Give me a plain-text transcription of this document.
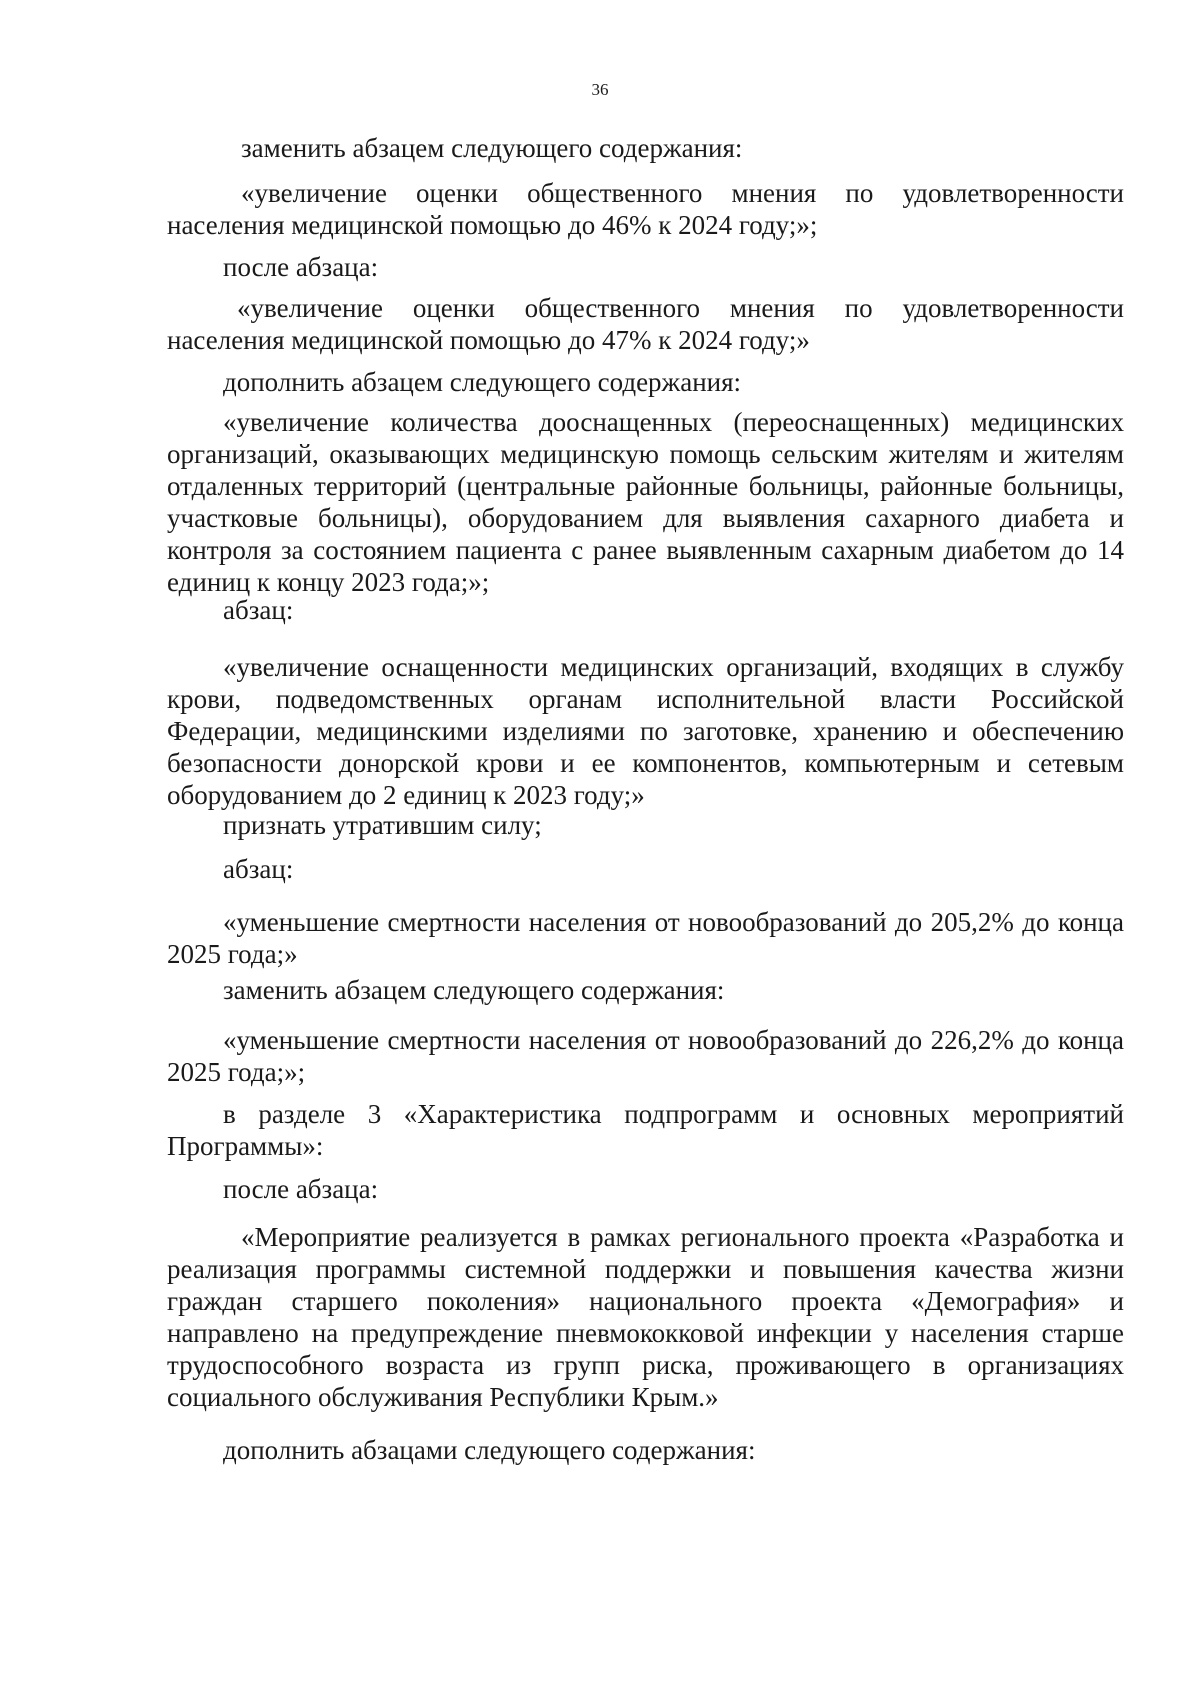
36

заменить абзацем следующего содержания:

«увеличение оценки общественного мнения по удовлетворенности населения медицинской помощью до 46% к 2024 году;»;

после абзаца:

«увеличение оценки общественного мнения по удовлетворенности населения медицинской помощью до 47% к 2024 году;»

дополнить абзацем следующего содержания:

«увеличение количества дооснащенных (переоснащенных) медицинских организаций, оказывающих медицинскую помощь сельским жителям и жителям отдаленных территорий (центральные районные больницы, районные больницы, участковые больницы), оборудованием для выявления сахарного диабета и контроля за состоянием пациента с ранее выявленным сахарным диабетом до 14 единиц к концу 2023 года;»;

абзац:

«увеличение оснащенности медицинских организаций, входящих в службу крови, подведомственных органам исполнительной власти Российской Федерации, медицинскими изделиями по заготовке, хранению и обеспечению безопасности донорской крови и ее компонентов, компьютерным и сетевым оборудованием до 2 единиц к 2023 году;»

признать утратившим силу;

абзац:

«уменьшение смертности населения от новообразований до 205,2% до конца 2025 года;»

заменить абзацем следующего содержания:

«уменьшение смертности населения от новообразований до 226,2% до конца 2025 года;»;

в разделе 3 «Характеристика подпрограмм и основных мероприятий Программы»:

после абзаца:

«Мероприятие реализуется в рамках регионального проекта «Разработка и реализация программы системной поддержки и повышения качества жизни граждан старшего поколения» национального проекта «Демография» и направлено на предупреждение пневмококковой инфекции у населения старше трудоспособного возраста из групп риска, проживающего в организациях социального обслуживания Республики Крым.»

дополнить абзацами следующего содержания:
